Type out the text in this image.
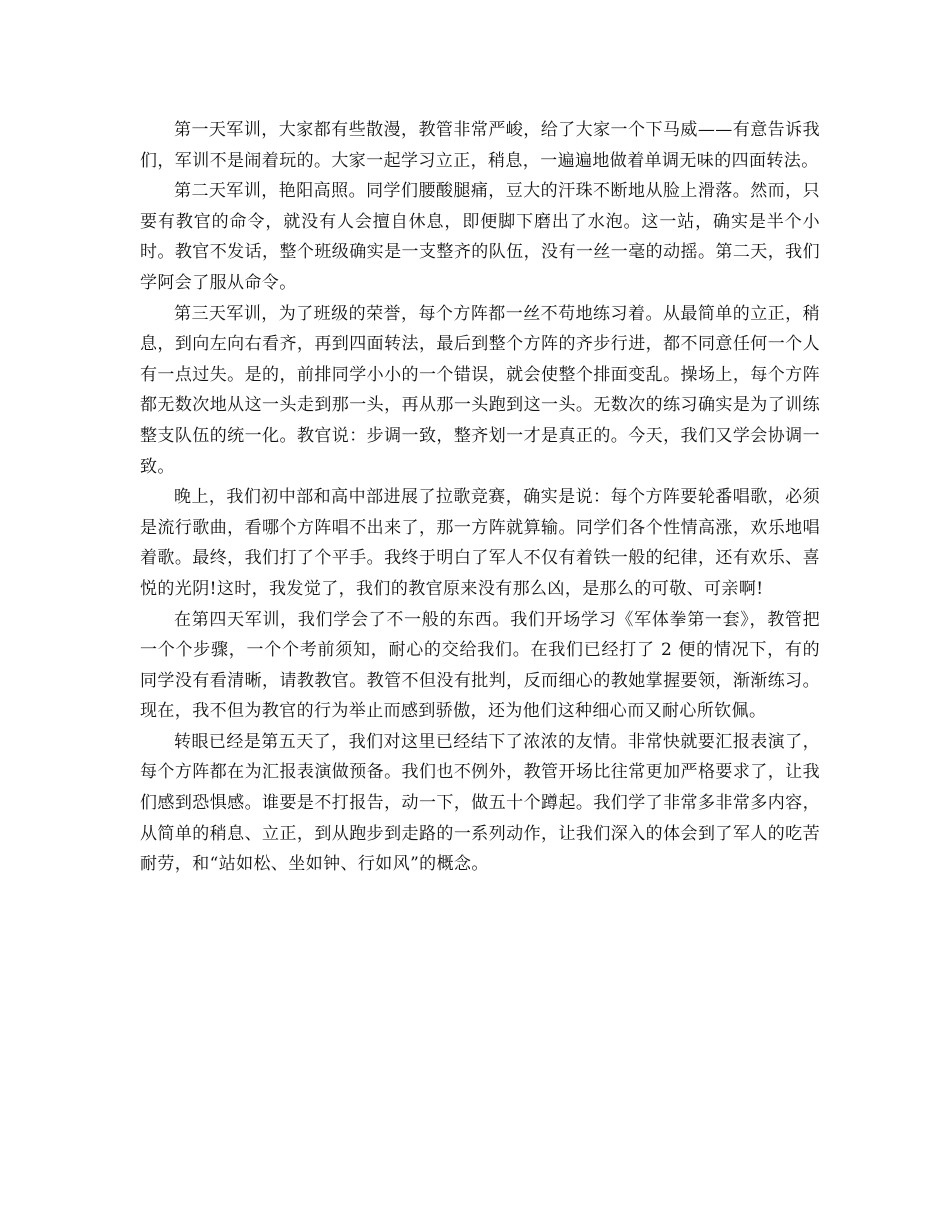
第一天军训，大家都有些散漫，教管非常严峻，给了大家一个下马威——有意告诉我们，军训不是闹着玩的。大家一起学习立正，稍息，一遍遍地做着单调无味的四面转法。

第二天军训，艳阳高照。同学们腰酸腿痛，豆大的汗珠不断地从脸上滑落。然而，只要有教官的命令，就没有人会擅自休息，即便脚下磨出了水泡。这一站，确实是半个小时。教官不发话，整个班级确实是一支整齐的队伍，没有一丝一毫的动摇。第二天，我们学阿会了服从命令。

第三天军训，为了班级的荣誉，每个方阵都一丝不苟地练习着。从最简单的立正，稍息，到向左向右看齐，再到四面转法，最后到整个方阵的齐步行进，都不同意任何一个人有一点过失。是的，前排同学小小的一个错误，就会使整个排面变乱。操场上，每个方阵都无数次地从这一头走到那一头，再从那一头跑到这一头。无数次的练习确实是为了训练整支队伍的统一化。教官说：步调一致，整齐划一才是真正的。今天，我们又学会协调一致。

晚上，我们初中部和高中部进展了拉歌竞赛，确实是说：每个方阵要轮番唱歌，必须是流行歌曲，看哪个方阵唱不出来了，那一方阵就算输。同学们各个性情高涨，欢乐地唱着歌。最终，我们打了个平手。我终于明白了军人不仅有着铁一般的纪律，还有欢乐、喜悦的光阴!这时，我发觉了，我们的教官原来没有那么凶，是那么的可敬、可亲啊!

在第四天军训，我们学会了不一般的东西。我们开场学习《军体拳第一套》，教管把一个个步骤，一个个考前须知，耐心的交给我们。在我们已经打了 2 便的情况下，有的同学没有看清晰，请教教官。教管不但没有批判，反而细心的教她掌握要领，渐渐练习。现在，我不但为教官的行为举止而感到骄傲，还为他们这种细心而又耐心所钦佩。

转眼已经是第五天了，我们对这里已经结下了浓浓的友情。非常快就要汇报表演了，每个方阵都在为汇报表演做预备。我们也不例外，教管开场比往常更加严格要求了，让我们感到恐惧感。谁要是不打报告，动一下，做五十个蹲起。我们学了非常多非常多内容，从简单的稍息、立正，到从跑步到走路的一系列动作，让我们深入的体会到了军人的吃苦耐劳，和“站如松、坐如钟、行如风”的概念。
